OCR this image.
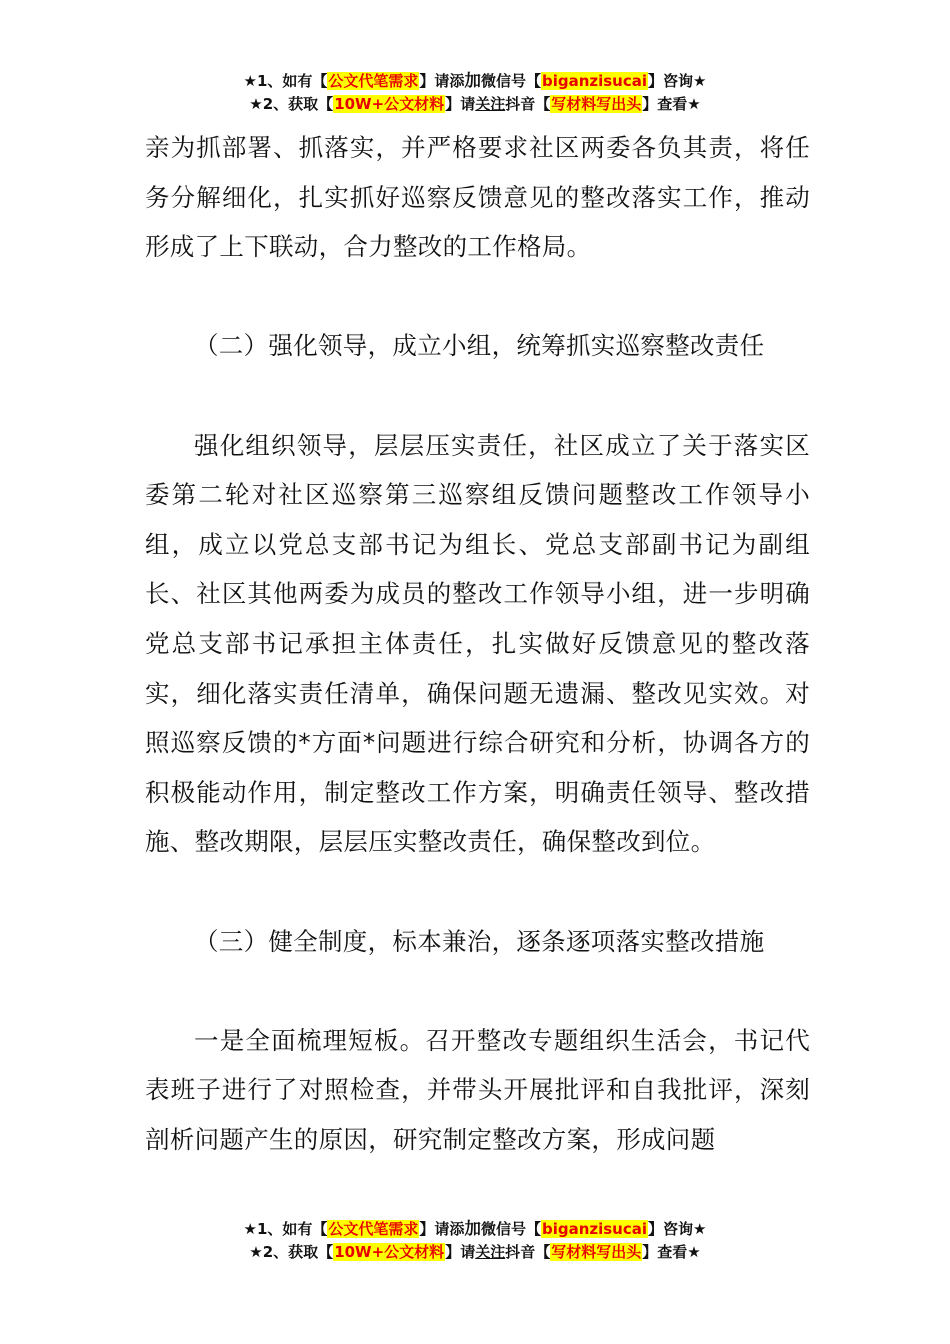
★1、如有【公文代笔需求】请添加微信号【biganzisucai】咨询★
★2、获取【10W+公文材料】请关注抖音【写材料写出头】查看★

亲为抓部署、抓落实，并严格要求社区两委各负其责，将任务分解细化，扎实抓好巡察反馈意见的整改落实工作，推动形成了上下联动，合力整改的工作格局。

（二）强化领导，成立小组，统筹抓实巡察整改责任

强化组织领导，层层压实责任，社区成立了关于落实区委第二轮对社区巡察第三巡察组反馈问题整改工作领导小组，成立以党总支部书记为组长、党总支部副书记为副组长、社区其他两委为成员的整改工作领导小组，进一步明确党总支部书记承担主体责任，扎实做好反馈意见的整改落实，细化落实责任清单，确保问题无遗漏、整改见实效。对照巡察反馈的*方面*问题进行综合研究和分析，协调各方的积极能动作用，制定整改工作方案，明确责任领导、整改措施、整改期限，层层压实整改责任，确保整改到位。

（三）健全制度，标本兼治，逐条逐项落实整改措施

一是全面梳理短板。召开整改专题组织生活会，书记代表班子进行了对照检查，并带头开展批评和自我批评，深刻剖析问题产生的原因，研究制定整改方案，形成问题

★1、如有【公文代笔需求】请添加微信号【biganzisucai】咨询★
★2、获取【10W+公文材料】请关注抖音【写材料写出头】查看★
